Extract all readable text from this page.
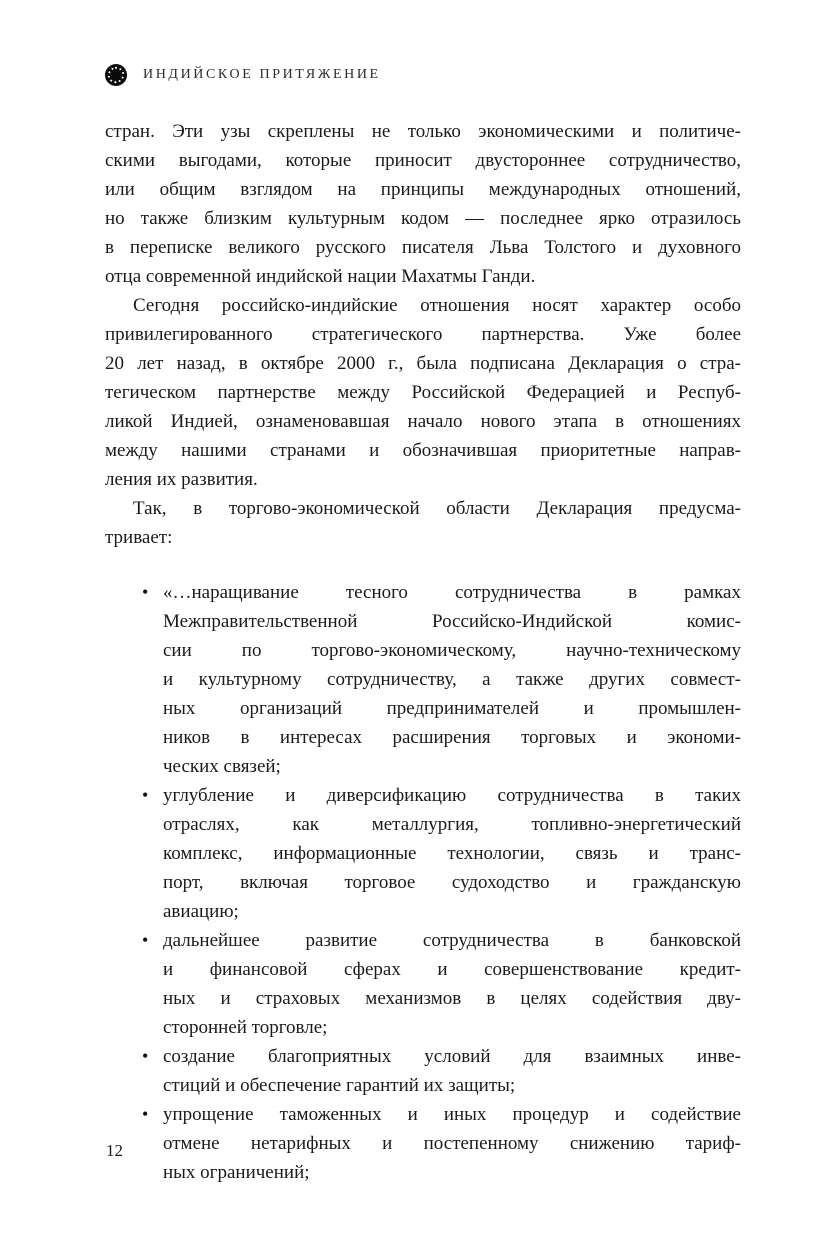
ИНДИЙСКОЕ ПРИТЯЖЕНИЕ
стран. Эти узы скреплены не только экономическими и политиче-
скими выгодами, которые приносит двустороннее сотрудничество,
или общим взглядом на принципы международных отношений,
но также близким культурным кодом — последнее ярко отразилось
в переписке великого русского писателя Льва Толстого и духовного
отца современной индийской нации Махатмы Ганди.
Сегодня российско-индийские отношения носят характер особо
привилегированного стратегического партнерства. Уже более
20 лет назад, в октябре 2000 г., была подписана Декларация о стра-
тегическом партнерстве между Российской Федерацией и Респуб-
ликой Индией, ознаменовавшая начало нового этапа в отношениях
между нашими странами и обозначившая приоритетные направ-
ления их развития.
Так, в торгово-экономической области Декларация предусма-
тривает:
• «…наращивание тесного сотрудничества в рамках
Межправительственной Российско-Индийской комис-
сии по торгово-экономическому, научно-техническому
и культурному сотрудничеству, а также других совмест-
ных организаций предпринимателей и промышлен-
ников в интересах расширения торговых и экономи-
ческих связей;
• углубление и диверсификацию сотрудничества в таких
отраслях, как металлургия, топливно-энергетический
комплекс, информационные технологии, связь и транс-
порт, включая торговое судоходство и гражданскую
авиацию;
• дальнейшее развитие сотрудничества в банковской
и финансовой сферах и совершенствование кредит-
ных и страховых механизмов в целях содействия дву-
сторонней торговле;
• создание благоприятных условий для взаимных инве-
стиций и обеспечение гарантий их защиты;
• упрощение таможенных и иных процедур и содействие
отмене нетарифных и постепенному снижению тариф-
ных ограничений;
12
